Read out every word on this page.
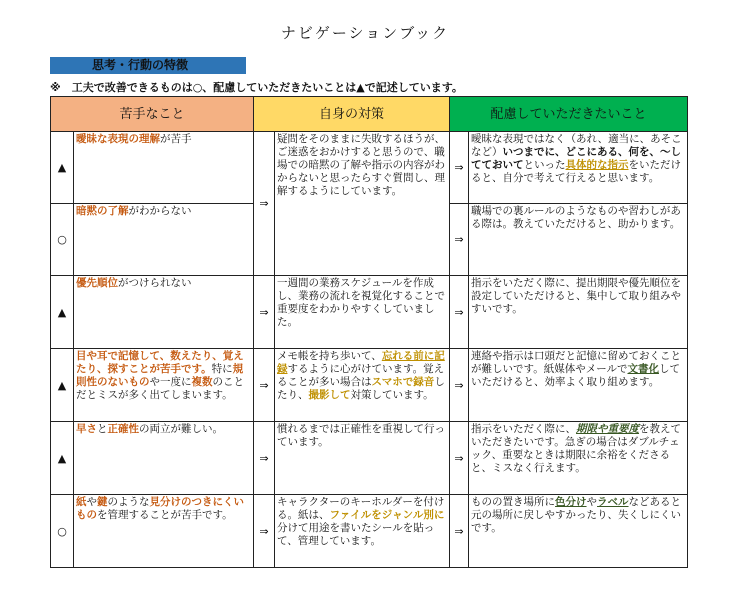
ナビゲーションブック
思考・行動の特徴
※　工夫で改善できるものは○、配慮していただきたいことは▲で記述しています。
苦手なこと		自身の対策		配慮していただきたいこと	
▲	曖昧な表現の理解が苦手	⇒	疑問をそのままに失敗するほうが、ご迷惑をおかけすると思うので、職場での暗黙の了解や指示の内容がわからないと思ったらすぐ質問し、理解するようにしています。	⇒	曖昧な表現ではなく（あれ、適当に、あそこなど）いつまでに、どこにある、何を、〜してておいてといった具体的な指示をいただけると、自分で考えて行えると思います。
○	暗黙の了解がわからない			⇒	職場での裏ルールのようなものや習わしがある際は。教えていただけると、助かります。
▲	優先順位がつけられない	⇒	一週間の業務スケジュールを作成し、業務の流れを視覚化することで重要度をわかりやすくしていました。	⇒	指示をいただく際に、提出期限や優先順位を設定していただけると、集中して取り組みやすいです。
▲	目や耳で記憶して、数えたり、覚えたり、探すことが苦手です。特に規則性のないものや一度に複数のことだとミスが多く出てしまいます。	⇒	メモ帳を持ち歩いて、忘れる前に記録するように心がけています。覚えることが多い場合はスマホで録音したり、撮影して対策しています。	⇒	連絡や指示は口頭だと記憶に留めておくことが難しいです。紙媒体やメールで文書化していただけると、効率よく取り組めます。
▲	早さと正確性の両立が難しい。	⇒	慣れるまでは正確性を重視して行っています。	⇒	指示をいただく際に、期限や重要度を教えていただきたいです。急ぎの場合はダブルチェック、重要なときは期限に余裕をくださると、ミスなく行えます。
○	紙や鍵のような見分けのつきにくいものを管理することが苦手です。	⇒	キャラクターのキーホルダーを付ける。紙は、ファイルをジャンル別に分けて用途を書いたシールを貼って、管理しています。	⇒	ものの置き場所に色分けやラベルなどあると元の場所に戻しやすかったり、失くしにくいです。
